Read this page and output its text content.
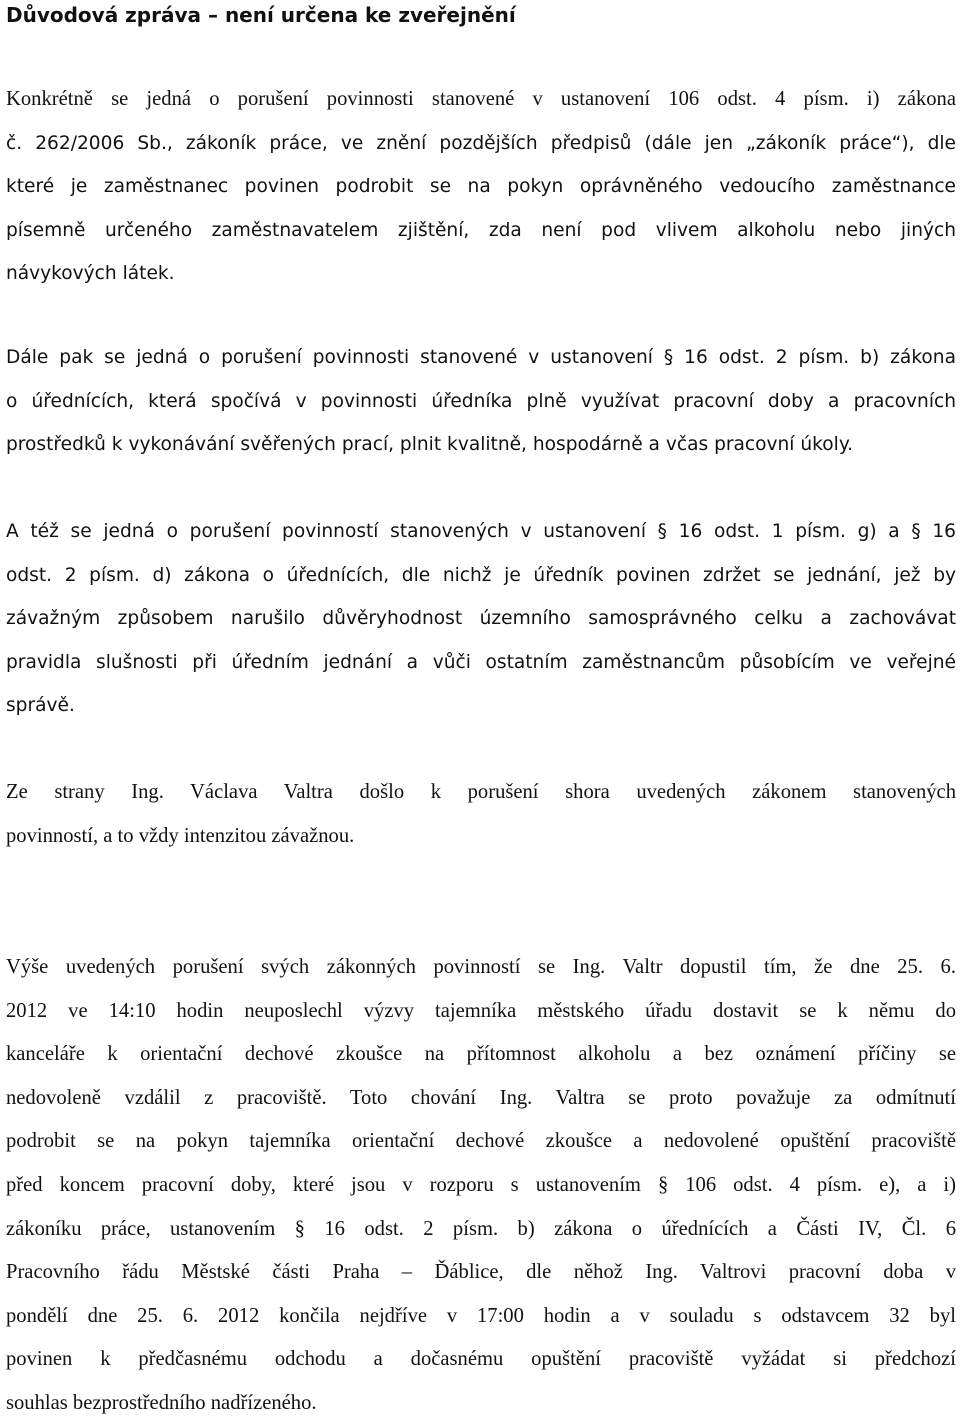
Důvodová zpráva – není určena ke zveřejnění
Konkrétně se jedná o porušení povinnosti stanovené v ustanovení 106 odst. 4 písm. i) zákona
č. 262/2006 Sb., zákoník práce, ve znění pozdějších předpisů (dále jen „zákoník práce“), dle
které je zaměstnanec povinen podrobit se na pokyn oprávněného vedoucího zaměstnance
písemně určeného zaměstnavatelem zjištění, zda není pod vlivem alkoholu nebo jiných
návykových látek.
Dále pak se jedná o porušení povinnosti stanovené v ustanovení § 16 odst. 2 písm. b) zákona
o úřednících, která spočívá v povinnosti úředníka plně využívat pracovní doby a pracovních
prostředků k vykonávání svěřených prací, plnit kvalitně, hospodárně a včas pracovní úkoly.
A též se jedná o porušení povinností stanovených v ustanovení § 16 odst. 1 písm. g) a § 16
odst. 2 písm. d) zákona o úřednících, dle nichž je úředník povinen zdržet se jednání, jež by
závažným způsobem narušilo důvěryhodnost územního samosprávného celku a zachovávat
pravidla slušnosti při úředním jednání a vůči ostatním zaměstnancům působícím ve veřejné
správě.
Ze strany Ing. Václava Valtra došlo k porušení shora uvedených zákonem stanovených
povinností, a to vždy intenzitou závažnou.
Výše uvedených porušení svých zákonných povinností se Ing. Valtr dopustil tím, že dne 25. 6.
2012 ve 14:10 hodin neuposlechl výzvy tajemníka městského úřadu dostavit se k němu do
kanceláře k orientační dechové zkoušce na přítomnost alkoholu a bez oznámení příčiny se
nedovoleně vzdálil z pracoviště. Toto chování Ing. Valtra se proto považuje za odmítnutí
podrobit se na pokyn tajemníka orientační dechové zkoušce a nedovolené opuštění pracoviště
před koncem pracovní doby, které jsou v rozporu s ustanovením § 106 odst. 4 písm. e), a i)
zákoníku práce, ustanovením § 16 odst. 2 písm. b) zákona o úřednících a Části IV, Čl. 6
Pracovního řádu Městské části Praha – Ďáblice, dle něhož Ing. Valtrovi pracovní doba v
pondělí dne 25. 6. 2012 končila nejdříve v 17:00 hodin a v souladu s odstavcem 32 byl
povinen k předčasnému odchodu a dočasnému opuštění pracoviště vyžádat si předchozí
souhlas bezprostředního nadřízeného.
